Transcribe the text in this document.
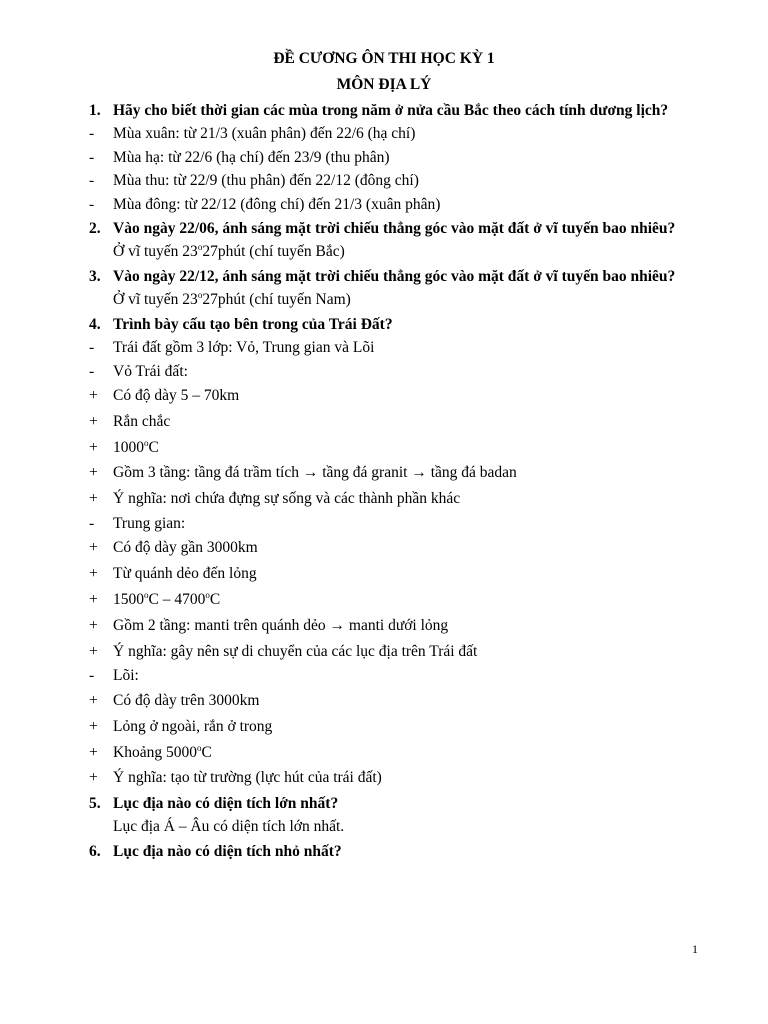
ĐỀ CƯƠNG ÔN THI HỌC KỲ 1
MÔN ĐỊA LÝ
1. Hãy cho biết thời gian các mùa trong năm ở nửa cầu Bắc theo cách tính dương lịch?
- Mùa xuân: từ 21/3 (xuân phân) đến 22/6 (hạ chí)
- Mùa hạ: từ 22/6 (hạ chí) đến 23/9 (thu phân)
- Mùa thu: từ 22/9 (thu phân) đến 22/12 (đông chí)
- Mùa đông: từ 22/12 (đông chí) đến 21/3 (xuân phân)
2. Vào ngày 22/06, ánh sáng mặt trời chiếu thẳng góc vào mặt đất ở vĩ tuyến bao nhiêu?
Ở vĩ tuyến 23$^o$27phút (chí tuyến Bắc)
3. Vào ngày 22/12, ánh sáng mặt trời chiếu thẳng góc vào mặt đất ở vĩ tuyến bao nhiêu?
Ở vĩ tuyến 23$^o$27phút (chí tuyến Nam)
4. Trình bày cấu tạo bên trong của Trái Đất?
- Trái đất gồm 3 lớp: Vỏ, Trung gian và Lõi
- Vỏ Trái đất:
+ Có độ dày 5 – 70km
+ Rắn chắc
+ $1000^oC$
+ Gồm 3 tầng: tầng đá trầm tích → tầng đá granit → tầng đá badan
+ Ý nghĩa: nơi chứa đựng sự sống và các thành phần khác
- Trung gian:
+ Có độ dày gần 3000km
+ Từ quánh dẻo đến lỏng
+ $1500^oC - 4700^oC$
+ Gồm 2 tầng: manti trên quánh dẻo → manti dưới lỏng
+ Ý nghĩa: gây nên sự di chuyển của các lục địa trên Trái đất
- Lõi:
+ Có độ dày trên 3000km
+ Lỏng ở ngoài, rắn ở trong
+ Khoảng $5000^oC$
+ Ý nghĩa: tạo từ trường (lực hút của trái đất)
5. Lục địa nào có diện tích lớn nhất?
Lục địa Á – Âu có diện tích lớn nhất.
6. Lục địa nào có diện tích nhỏ nhất?
1
